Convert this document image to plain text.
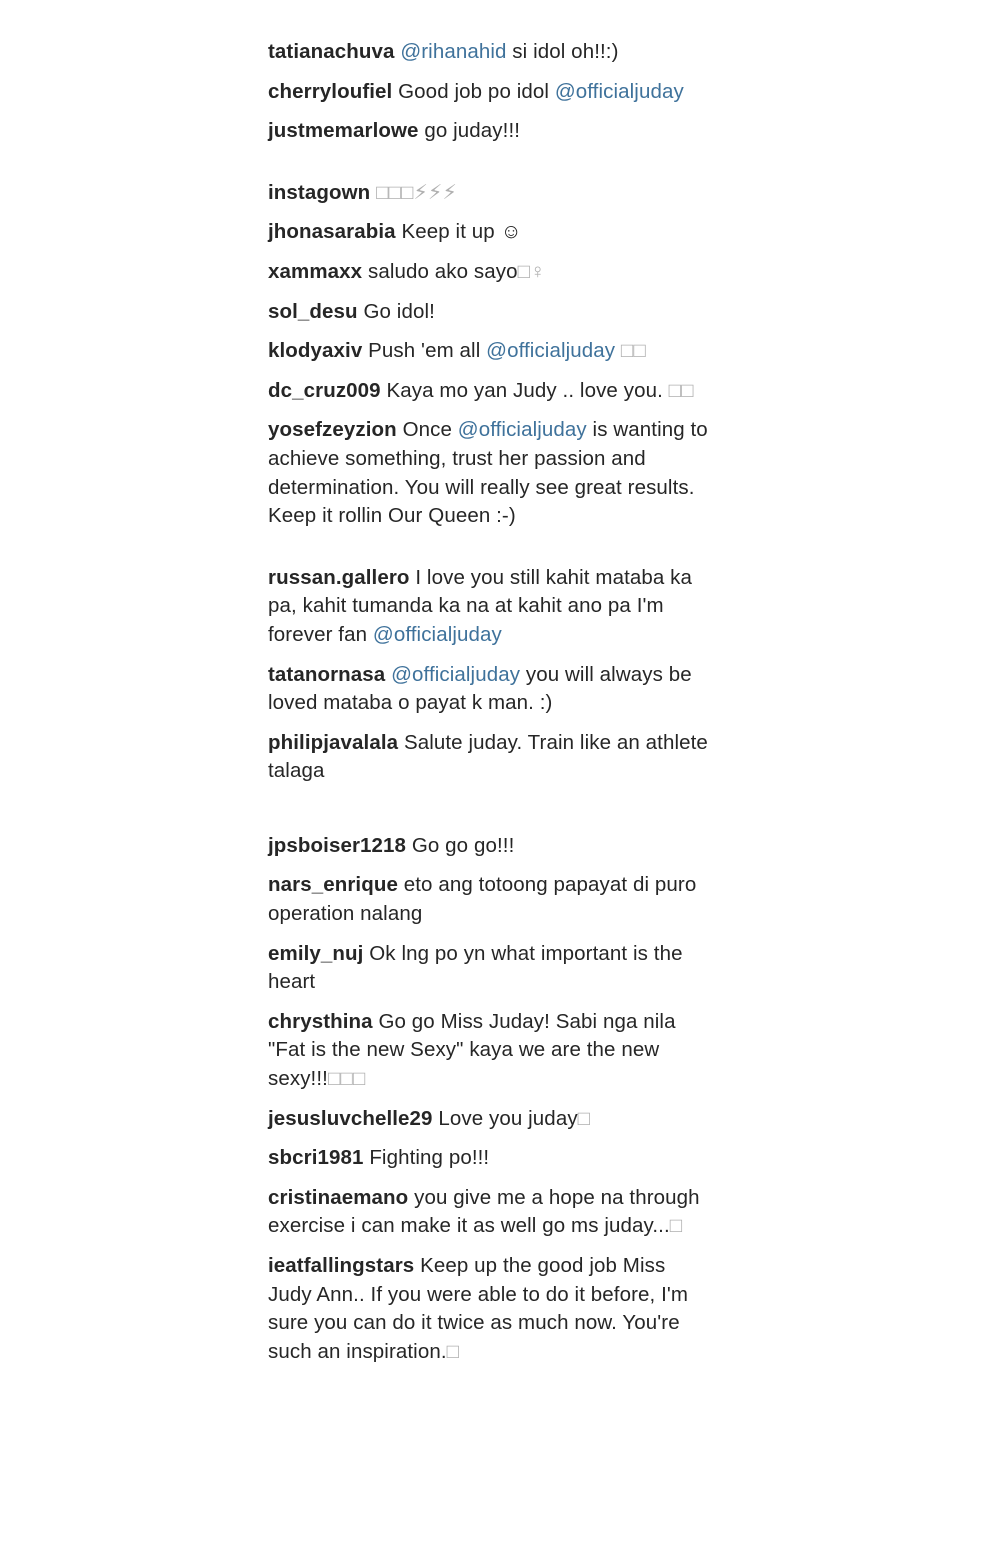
tatianachuva @rihanahid si idol oh!!:)
cherryloufiel Good job po idol @officialjuday
justmemarlowe go juday!!!
instagown □□□⚡⚡⚡
jhonasarabia Keep it up ☺
xammaxx saludo ako sayo□♀
sol_desu Go idol!
klodyaxiv Push 'em all @officialjuday □□
dc_cruz009 Kaya mo yan Judy .. love you. □□
yosefzeyzion Once @officialjuday is wanting to achieve something, trust her passion and determination. You will really see great results. Keep it rollin Our Queen :-)
russan.gallero I love you still kahit mataba ka pa, kahit tumanda ka na at kahit ano pa I'm forever fan @officialjuday
tatanornasa @officialjuday you will always be loved mataba o payat k man. :)
philipjavalala Salute juday. Train like an athlete talaga
jpsboiser1218 Go go go!!!
nars_enrique eto ang totoong papayat di puro operation nalang
emily_nuj Ok lng po yn what important is the heart
chrysthina Go go Miss Juday! Sabi nga nila "Fat is the new Sexy" kaya we are the new sexy!!!□□□
jesusluvchelle29 Love you juday□
sbcri1981 Fighting po!!!
cristinaemano you give me a hope na through exercise i can make it as well go ms juday...□
ieatfallingstars Keep up the good job Miss Judy Ann.. If you were able to do it before, I'm sure you can do it twice as much now. You're such an inspiration.□
